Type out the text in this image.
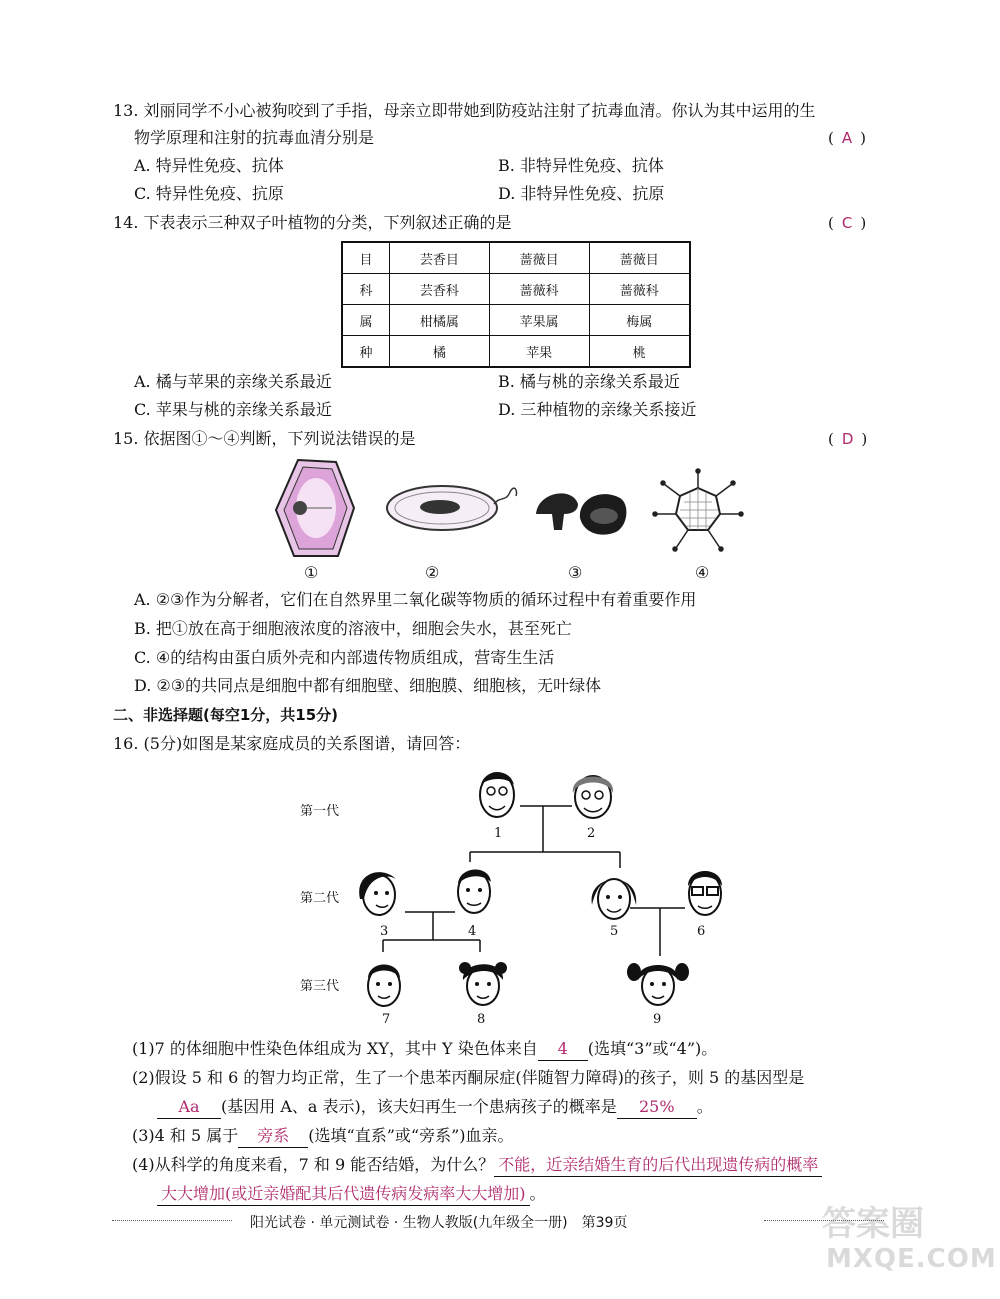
13. 刘丽同学不小心被狗咬到了手指，母亲立即带她到防疫站注射了抗毒血清。你认为其中运用的生
物学原理和注射的抗毒血清分别是	( A )
A. 特异性免疫、抗体	B. 非特异性免疫、抗体
C. 特异性免疫、抗原	D. 非特异性免疫、抗原
14. 下表表示三种双子叶植物的分类，下列叙述正确的是	( C )
目	芸香目	蔷薇目	蔷薇目
科	芸香科	蔷薇科	蔷薇科
属	柑橘属	苹果属	梅属
种	橘	苹果	桃
A. 橘与苹果的亲缘关系最近	B. 橘与桃的亲缘关系最近
C. 苹果与桃的亲缘关系最近	D. 三种植物的亲缘关系接近
15. 依据图①～④判断，下列说法错误的是	( D )
①	②	③	④
A. ②③作为分解者，它们在自然界里二氧化碳等物质的循环过程中有着重要作用
B. 把①放在高于细胞液浓度的溶液中，细胞会失水，甚至死亡
C. ④的结构由蛋白质外壳和内部遗传物质组成，营寄生生活
D. ②③的共同点是细胞中都有细胞壁、细胞膜、细胞核，无叶绿体
二、非选择题(每空1分，共15分)
16. (5分)如图是某家庭成员的关系图谱，请回答：
第一代
第二代
第三代
1	2
3	4	5	6
7	8	9
(1)7 的体细胞中性染色体组成为 XY，其中 Y 染色体来自 4 (选填“3”或“4”)。
(2)假设 5 和 6 的智力均正常，生了一个患苯丙酮尿症(伴随智力障碍)的孩子，则 5 的基因型是
Aa (基因用 A、a 表示)，该夫妇再生一个患病孩子的概率是 25% 。
(3)4 和 5 属于 旁系 (选填“直系”或“旁系”)血亲。
(4)从科学的角度来看，7 和 9 能否结婚，为什么？ 不能，近亲结婚生育的后代出现遗传病的概率
大大增加(或近亲婚配其后代遗传病发病率大大增加) 。
阳光试卷 · 单元测试卷 · 生物人教版(九年级全一册)　第39页	答案圈
MXQE.COM
